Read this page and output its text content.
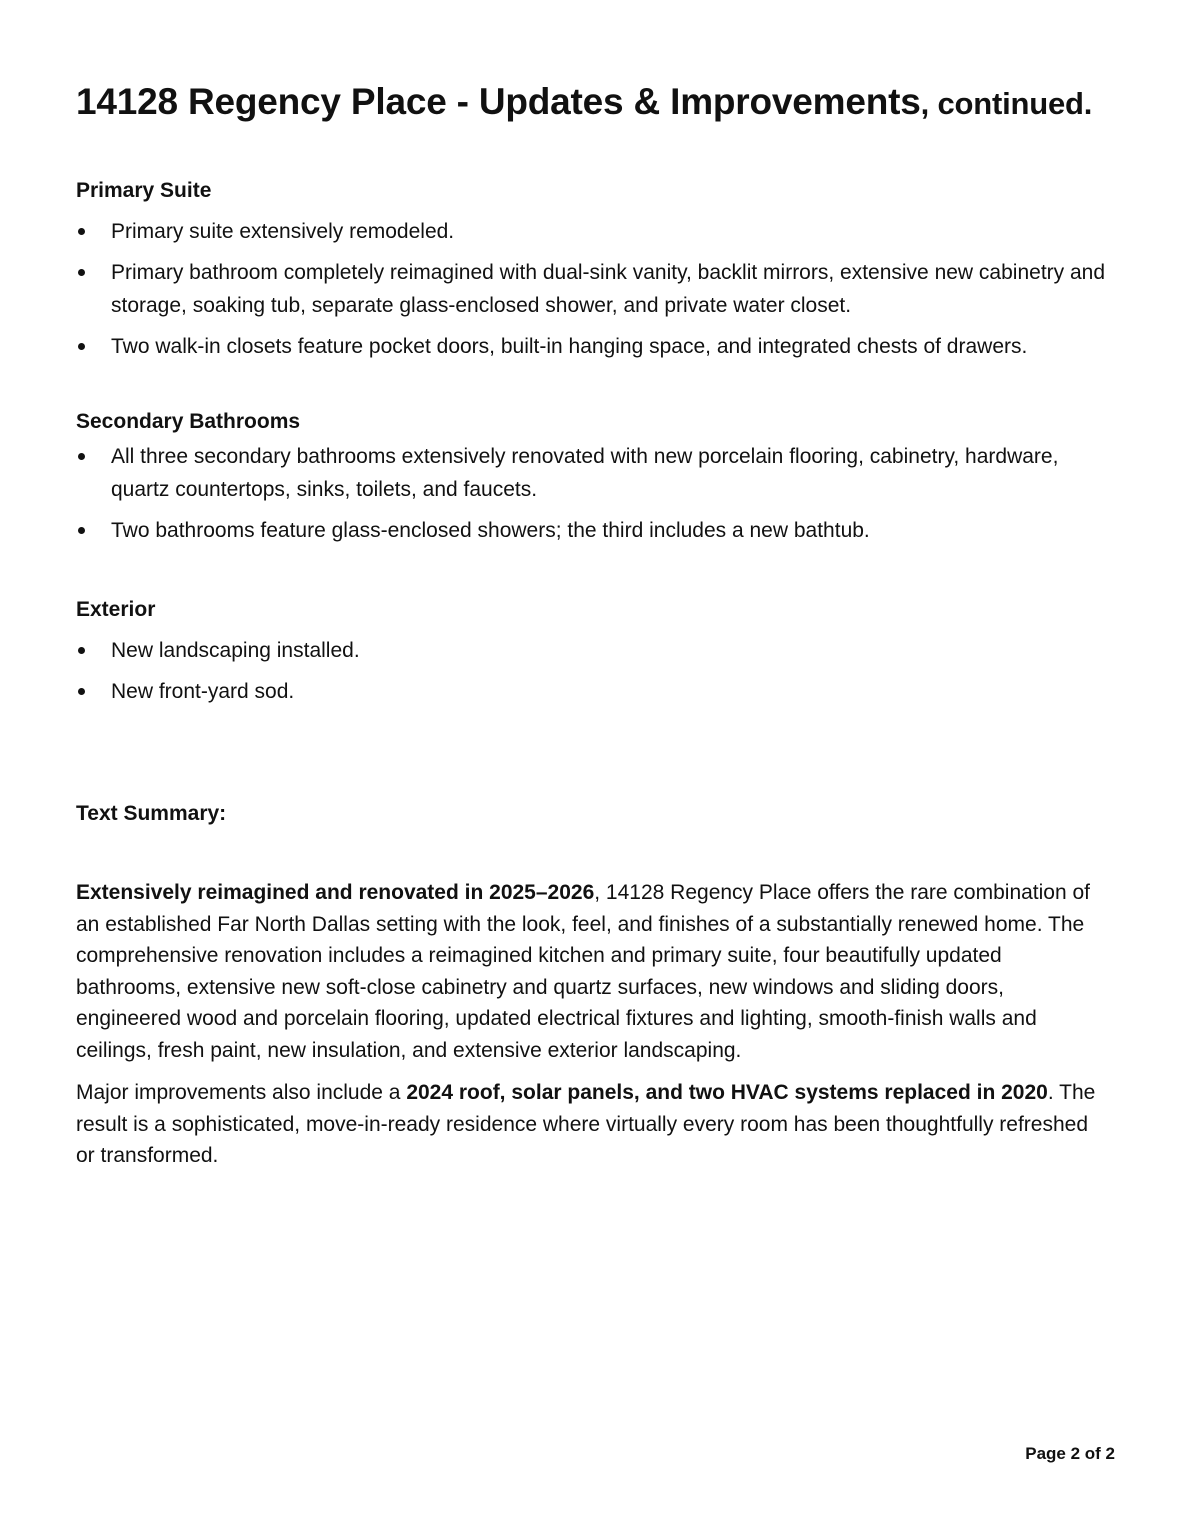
14128 Regency Place - Updates & Improvements, continued.
Primary Suite
Primary suite extensively remodeled.
Primary bathroom completely reimagined with dual-sink vanity, backlit mirrors, extensive new cabinetry and storage, soaking tub, separate glass-enclosed shower, and private water closet.
Two walk-in closets feature pocket doors, built-in hanging space, and integrated chests of drawers.
Secondary Bathrooms
All three secondary bathrooms extensively renovated with new porcelain flooring, cabinetry, hardware, quartz countertops, sinks, toilets, and faucets.
Two bathrooms feature glass-enclosed showers; the third includes a new bathtub.
Exterior
New landscaping installed.
New front-yard sod.
Text Summary:

Extensively reimagined and renovated in 2025–2026, 14128 Regency Place offers the rare combination of an established Far North Dallas setting with the look, feel, and finishes of a substantially renewed home. The comprehensive renovation includes a reimagined kitchen and primary suite, four beautifully updated bathrooms, extensive new soft-close cabinetry and quartz surfaces, new windows and sliding doors, engineered wood and porcelain flooring, updated electrical fixtures and lighting, smooth-finish walls and ceilings, fresh paint, new insulation, and extensive exterior landscaping.

Major improvements also include a 2024 roof, solar panels, and two HVAC systems replaced in 2020. The result is a sophisticated, move-in-ready residence where virtually every room has been thoughtfully refreshed or transformed.

Page 2 of 2
